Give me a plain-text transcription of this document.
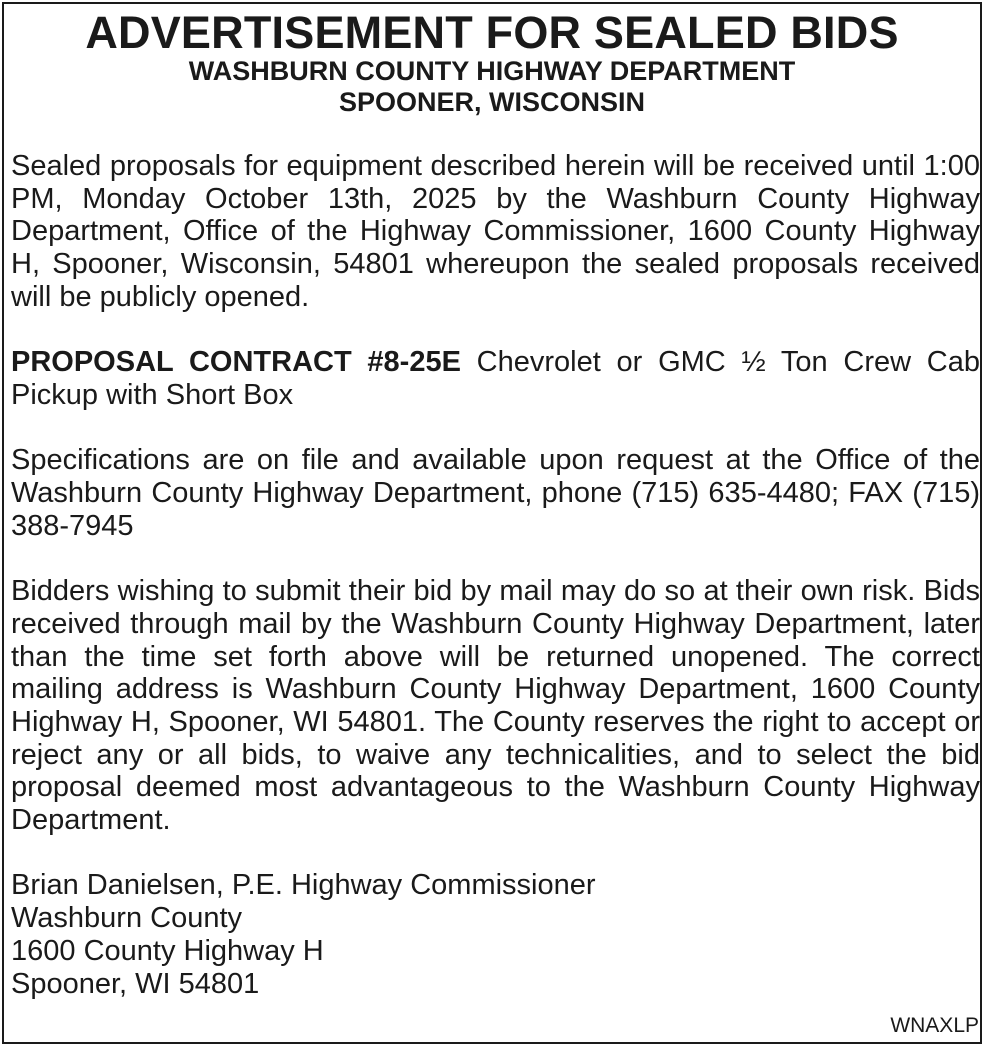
ADVERTISEMENT FOR SEALED BIDS
WASHBURN COUNTY HIGHWAY DEPARTMENT
SPOONER, WISCONSIN

Sealed proposals for equipment described herein will be received until 1:00 PM, Monday October 13th, 2025 by the Washburn County Highway Department, Office of the Highway Commissioner, 1600 County Highway H, Spooner, Wisconsin, 54801 whereupon the sealed proposals received will be publicly opened.

PROPOSAL CONTRACT #8-25E Chevrolet or GMC ½ Ton Crew Cab Pickup with Short Box

Specifications are on file and available upon request at the Office of the Washburn County Highway Department, phone (715) 635-4480; FAX (715) 388-7945

Bidders wishing to submit their bid by mail may do so at their own risk. Bids received through mail by the Washburn County Highway Department, later than the time set forth above will be returned unopened. The correct mailing address is Washburn County Highway Department, 1600 County Highway H, Spooner, WI 54801. The County reserves the right to accept or reject any or all bids, to waive any technicalities, and to select the bid proposal deemed most advantageous to the Washburn County Highway Department.

Brian Danielsen, P.E. Highway Commissioner
Washburn County
1600 County Highway H
Spooner, WI 54801
WNAXLP
